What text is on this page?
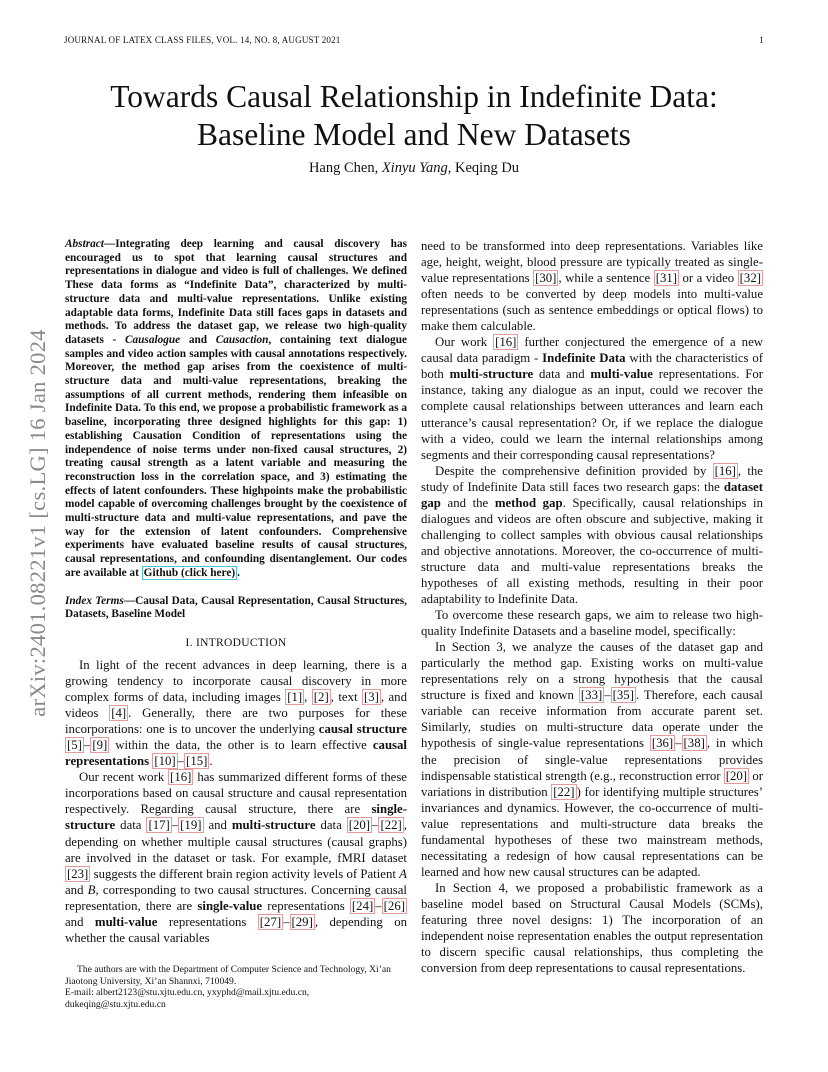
JOURNAL OF LATEX CLASS FILES, VOL. 14, NO. 8, AUGUST 2021	1
arXiv:2401.08221v1 [cs.LG] 16 Jan 2024
Towards Causal Relationship in Indefinite Data:
Baseline Model and New Datasets
Hang Chen, Xinyu Yang, Keqing Du

Abstract—Integrating deep learning and causal discovery has encouraged us to spot that learning causal structures and representations in dialogue and video is full of challenges. We defined These data forms as “Indefinite Data”, characterized by multi-structure data and multi-value representations. Unlike existing adaptable data forms, Indefinite Data still faces gaps in datasets and methods. To address the dataset gap, we release two high-quality datasets - Causalogue and Causaction, containing text dialogue samples and video action samples with causal annotations respectively. Moreover, the method gap arises from the coexistence of multi-structure data and multi-value representations, breaking the assumptions of all current methods, rendering them infeasible on Indefinite Data. To this end, we propose a probabilistic framework as a baseline, incorporating three designed highlights for this gap: 1) establishing Causation Condition of representations using the independence of noise terms under non-fixed causal structures, 2) treating causal strength as a latent variable and measuring the reconstruction loss in the correlation space, and 3) estimating the effects of latent confounders. These highpoints make the probabilistic model capable of overcoming challenges brought by the coexistence of multi-structure data and multi-value representations, and pave the way for the extension of latent confounders. Comprehensive experiments have evaluated baseline results of causal structures, causal representations, and confounding disentanglement. Our codes are available at Github (click here) .

Index Terms—Causal Data, Causal Representation, Causal Structures, Datasets, Baseline Model

I. INTRODUCTION

In light of the recent advances in deep learning, there is a growing tendency to incorporate causal discovery in more complex forms of data, including images [1] , [2] , text [3] , and videos [4] . Generally, there are two purposes for these incorporations: one is to uncover the underlying causal structure [5] – [9] within the data, the other is to learn effective causal representations [10] – [15] .

Our recent work [16] has summarized different forms of these incorporations based on causal structure and causal representation respectively. Regarding causal structure, there are single-structure data [17] – [19] and multi-structure data [20] – [22] , depending on whether multiple causal structures (causal graphs) are involved in the dataset or task. For example, fMRI dataset [23] suggests the different brain region activity levels of Patient A and B, corresponding to two causal structures. Concerning causal representation, there are single-value representations [24] – [26] and multi-value representations [27] – [29] , depending on whether the causal variables

The authors are with the Department of Computer Science and Technology, Xi’an Jiaotong University, Xi’an Shannxi, 710049.
E-mail: albert2123@stu.xjtu.edu.cn, yxyphd@mail.xjtu.edu.cn, dukeqing@stu.xjtu.edu.cn

need to be transformed into deep representations. Variables like age, height, weight, blood pressure are typically treated as single-value representations [30] , while a sentence [31] or a video [32] often needs to be converted by deep models into multi-value representations (such as sentence embeddings or optical flows) to make them calculable.

Our work [16] further conjectured the emergence of a new causal data paradigm - Indefinite Data with the characteristics of both multi-structure data and multi-value representations. For instance, taking any dialogue as an input, could we recover the complete causal relationships between utterances and learn each utterance’s causal representation? Or, if we replace the dialogue with a video, could we learn the internal relationships among segments and their corresponding causal representations?

Despite the comprehensive definition provided by [16] , the study of Indefinite Data still faces two research gaps: the dataset gap and the method gap. Specifically, causal relationships in dialogues and videos are often obscure and subjective, making it challenging to collect samples with obvious causal relationships and objective annotations. Moreover, the co-occurrence of multi-structure data and multi-value representations breaks the hypotheses of all existing methods, resulting in their poor adaptability to Indefinite Data.

To overcome these research gaps, we aim to release two high-quality Indefinite Datasets and a baseline model, specifically:

In Section 3, we analyze the causes of the dataset gap and particularly the method gap. Existing works on multi-value representations rely on a strong hypothesis that the causal structure is fixed and known [33] – [35] . Therefore, each causal variable can receive information from accurate parent set. Similarly, studies on multi-structure data operate under the hypothesis of single-value representations [36] – [38] , in which the precision of single-value representations provides indispensable statistical strength (e.g., reconstruction error [20] or variations in distribution [22] ) for identifying multiple structures’ invariances and dynamics. However, the co-occurrence of multi-value representations and multi-structure data breaks the fundamental hypotheses of these two mainstream methods, necessitating a redesign of how causal representations can be learned and how new causal structures can be adapted.

In Section 4, we proposed a probabilistic framework as a baseline model based on Structural Causal Models (SCMs), featuring three novel designs: 1) The incorporation of an independent noise representation enables the output representation to discern specific causal relationships, thus completing the conversion from deep representations to causal representations.
